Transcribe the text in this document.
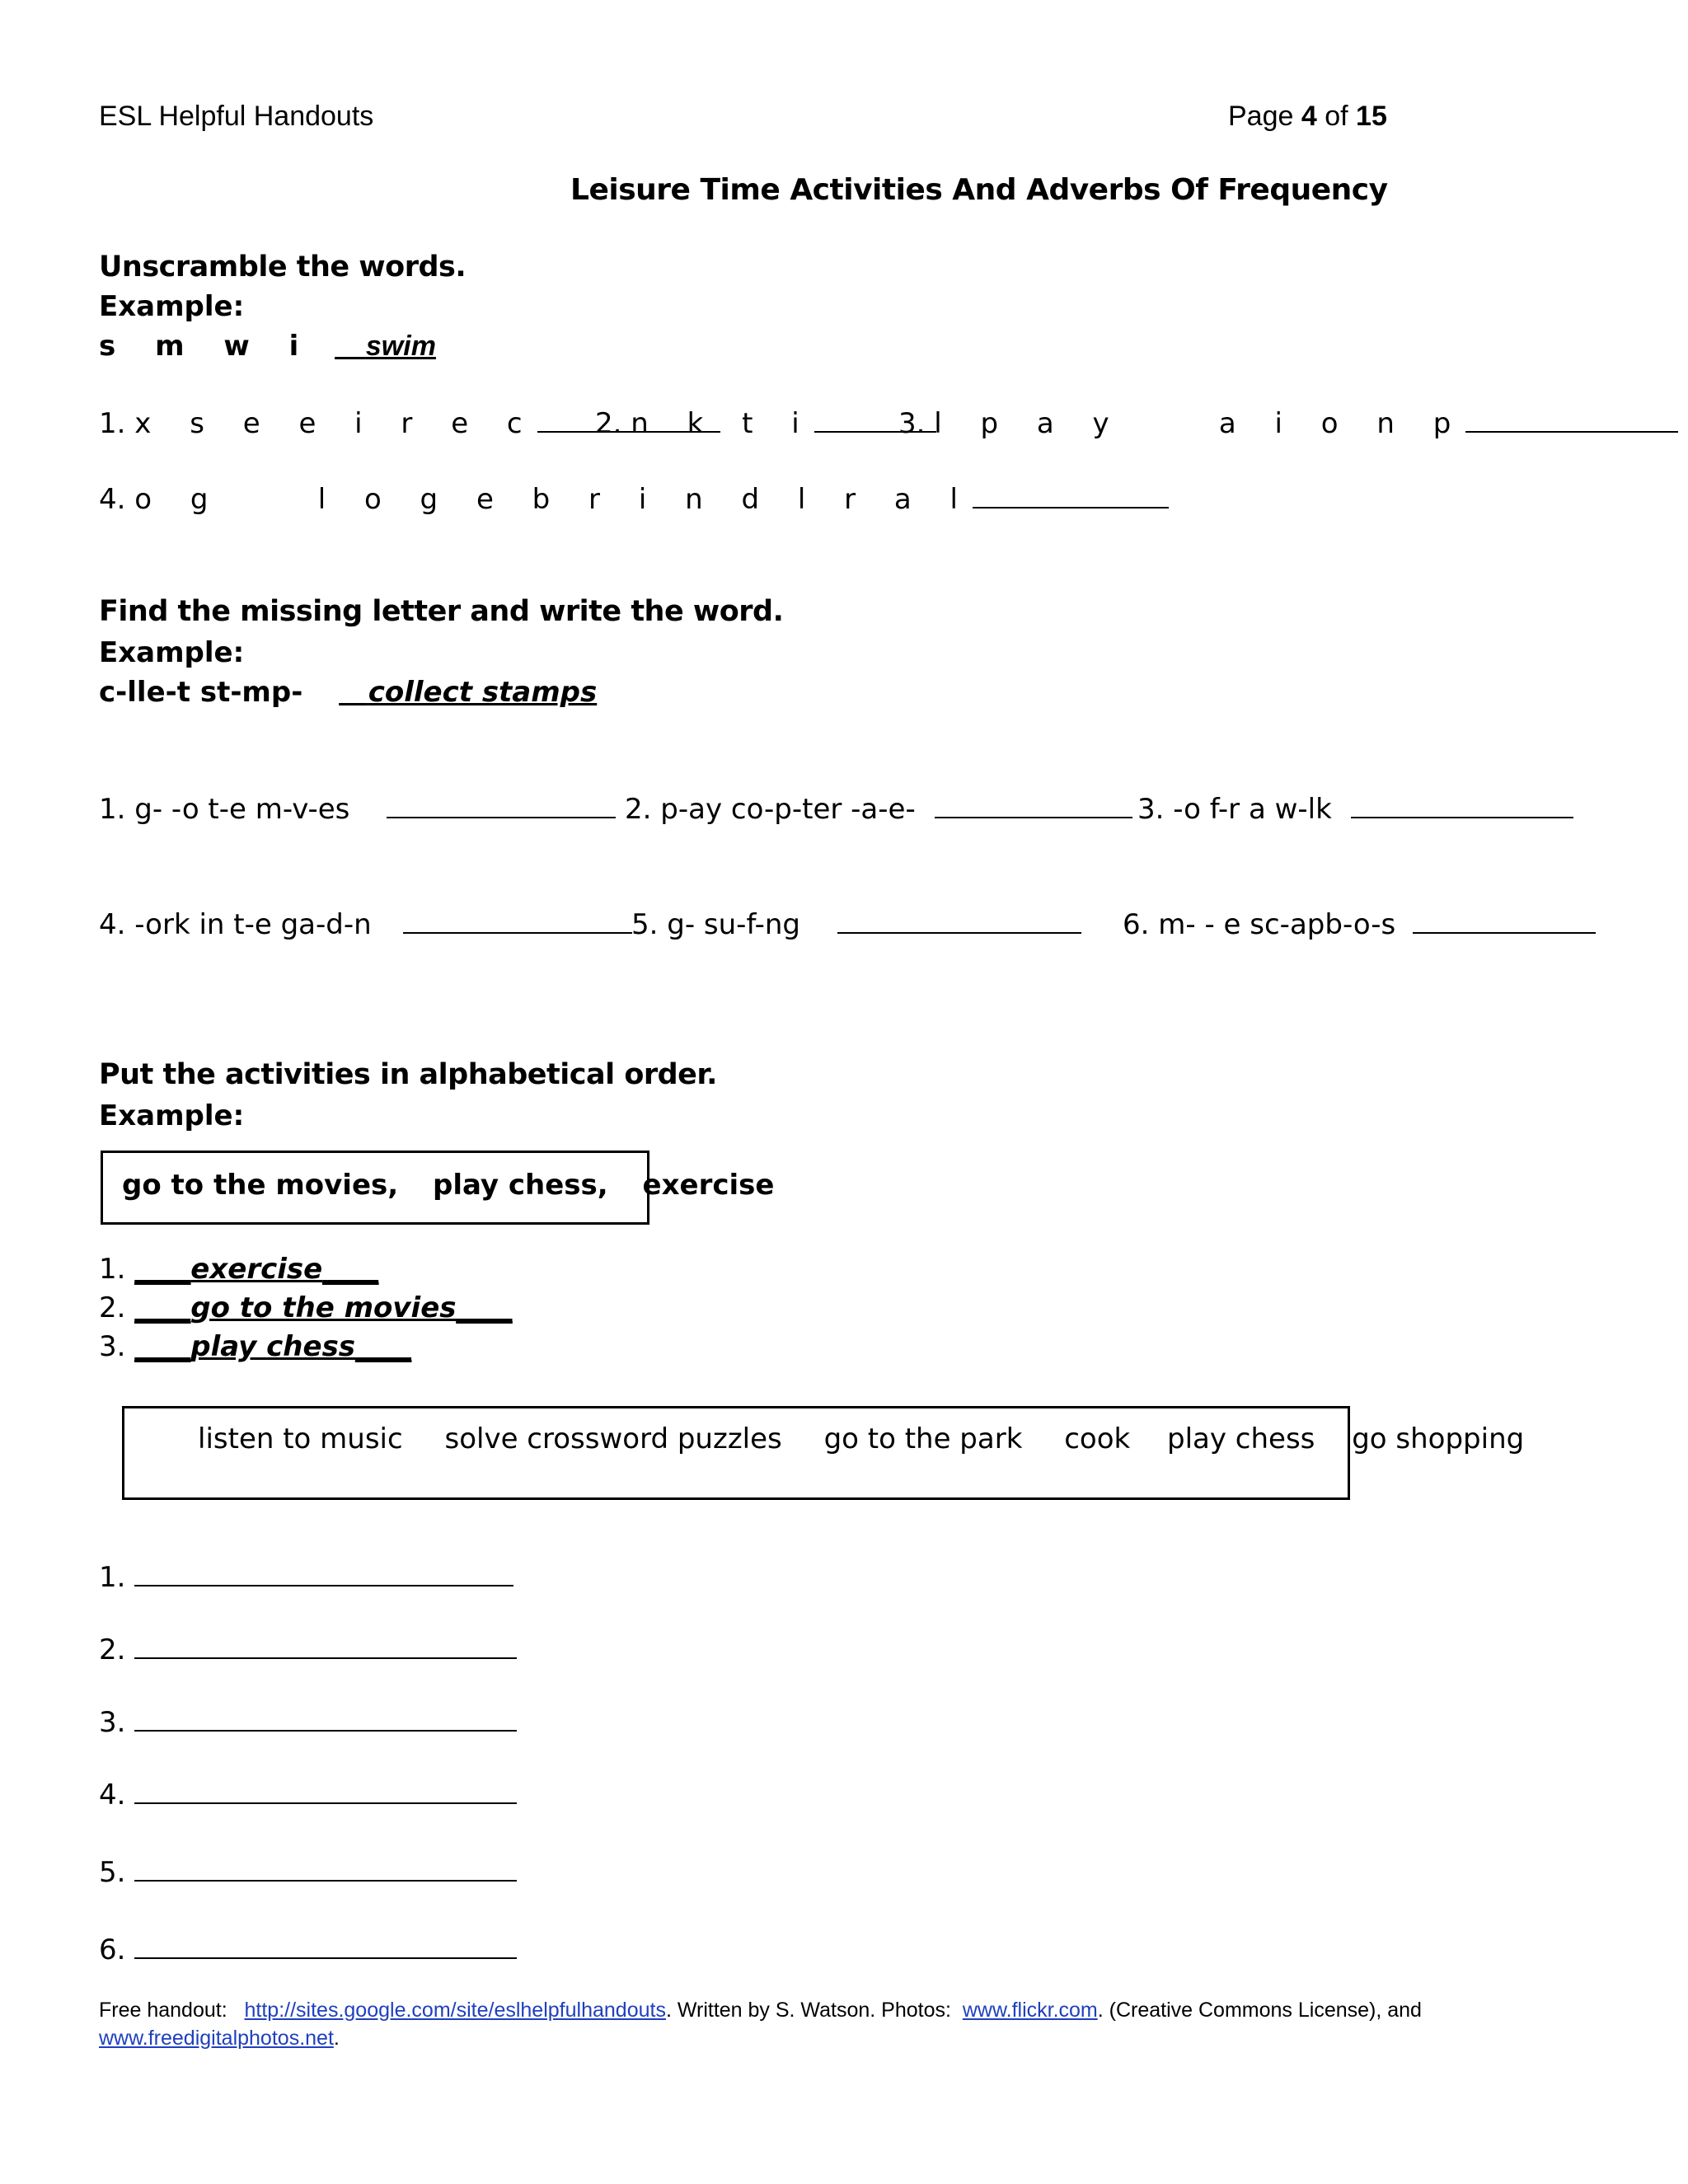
ESL Helpful Handouts	Page 4 of 15
Leisure Time Activities And Adverbs Of Frequency
Unscramble the words.
Example:
s m w i swim
1. x s e e i r e c	2. n k t i	3. l p a y    a i o n p
4. o g    l o g e b r i n d l r a l
Find the missing letter and write the word.
Example:
c-lle-t st-mp- collect stamps
1. g- -o t-e m-v-es	2. p-ay co-p-ter -a-e-	3. -o f-r a w-lk
4. -ork in t-e ga-d-n	5. g- su-f-ng	6. m- - e sc-apb-o-s
Put the activities in alphabetical order.
Example:
go to the movies, play chess, exercise
1. ____exercise____
2. ____go to the movies____
3. ____play chess____
listen to music solve crossword puzzles go to the park cook play chess go shopping
1.
2.
3.
4.
5.
6.
Free handout: http://sites.google.com/site/eslhelpfulhandouts. Written by S. Watson. Photos: www.flickr.com. (Creative Commons License), and
www.freedigitalphotos.net.
